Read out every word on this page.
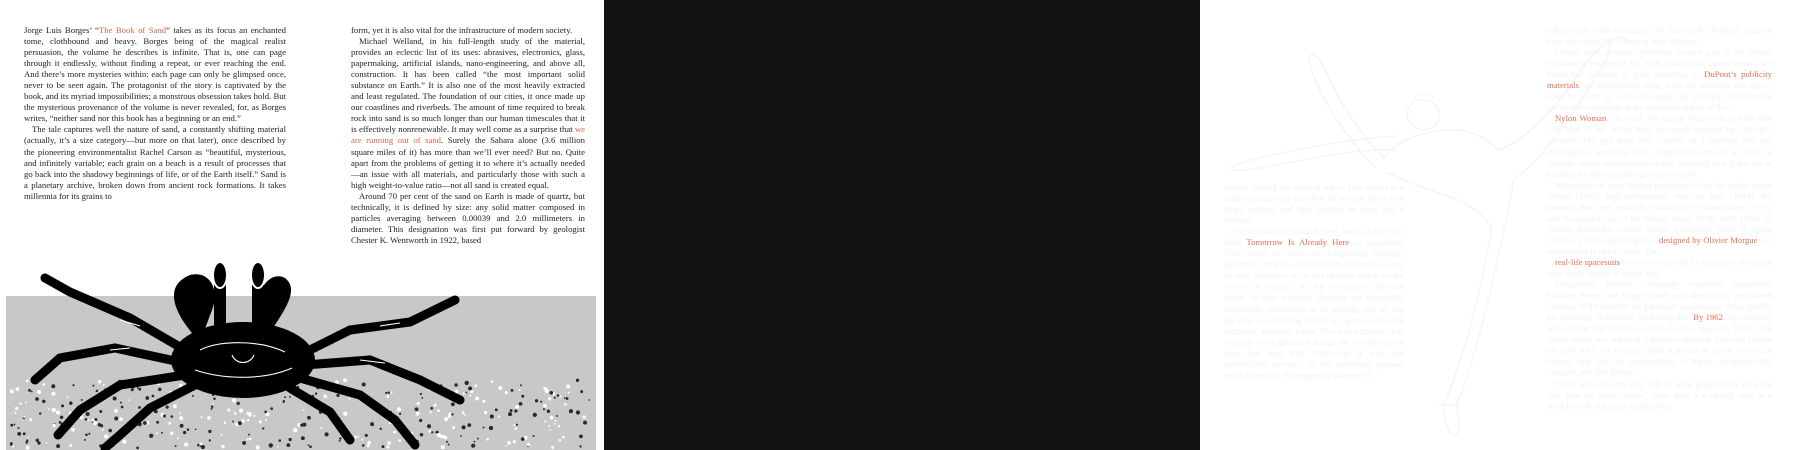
Jorge Luis Borges’ “The Book of Sand” takes as its focus an enchanted tome, clothbound and heavy. Borges being of the magical realist persuasion, the volume he describes is infinite. That is, one can page through it endlessly, without finding a repeat, or ever reaching the end. And there’s more mysteries within: each page can only be glimpsed once, never to be seen again. The protagonist of the story is captivated by the book, and its myriad impossibilities; a monstrous obsession takes hold. But the mysterious provenance of the volume is never revealed, for, as Borges writes, “neither sand nor this book has a beginning or an end.”

The tale captures well the nature of sand, a constantly shifting material (actually, it’s a size category—but more on that later), once described by the pioneering environmentalist Rachel Carson as “beautiful, mysterious, and infinitely variable; each grain on a beach is a result of processes that go back into the shadowy beginnings of life, or of the Earth itself.” Sand is a planetary archive, broken down from ancient rock formations. It takes millennia for its grains to

form, yet it is also vital for the infrastructure of modern society.

Michael Welland, in his full-length study of the material, provides an eclectic list of its uses: abrasives, electronics, glass, papermaking, artificial islands, nano-engineering, and above all, construction. It has been called “the most important solid substance on Earth.” It is also one of the most heavily extracted and least regulated. The foundation of our cities, it once made up our coastlines and riverbeds. The amount of time required to break rock into sand is so much longer than our human timescales that it is effectively nonrenewable. It may well come as a surprise that we are running out of sand. Surely the Sahara alone (3.6 million square miles of it) has more than we’ll ever need? But no. Quite apart from the problems of getting it to where it’s actually needed—an issue with all materials, and particularly those with such a high weight-to-value ratio—not all sand is created equal.

Around 70 per cent of the sand on Earth is made of quartz, but technically, it is defined by size: any solid matter composed in particles averaging between 0.00039 and 2.0 millimeters in diameter. This designation was first put forward by geologist Chester K. Wentworth in 1922, based

heated, driving out residual water. This results in a solid material that can then be broken down into chips, melted, and then molded or spun into a filament.

The Austrian journalist Robert Jungk, in his 1952 book Tomorrow Is Already Here—a pioneering 1952 study of America’s burgeoning military-industrial complex—described DuPont’s discovery of such processes as “a sort of mass attack on the secrets of nature.” In the company’s chemical plants, he saw scientists churning out patentable, marketable discoveries at an average rate of one per day: non-freezing motor oil, glow-in-the-dark materials, synthetic foods. This was futuristic stuff—Jungk even glimpsed a sign on one laboratory door that read A.D. 2000—but it was also immediately lucrative. In the immediate postwar years, helped by the temporary absence of

competition from Germany, the American chemical industry even out-earned the booming auto industry.

Longer term, synthetic polymers became part of the mental furniture of modernity. By 1958, when nylon turned twenty, the brand had become, at least according to DuPont’s publicity materials, an international slang term for whatever was up-to-date, for better or worse: in Egypt, for example, conservative social critics focused on the dangerous figure of the “

Nylon Woman.” In 1951, the Ealing Studio released the film The Man in the White Suit, obviously inspired by DuPont’s research. The plot stars Alec Guiness as a scientist who has developed a luminous fiber, completely immune to stain or damage: textile manufacturers rebel, worrying they’ll put out of business by indestructibly permanent cloth.

Manufacturers were finding myriad new uses for nylon: guitar strings (1941), high-performance race car tires (1954), the seatbelts that were belatedly introduced to automobiles (1959), and ski apparel, one of the fashion crazes of the early 1960s. In Stanley Kubrick’s science fiction spectacular 2001: A Space Odyssey (1968), the furniture—designed by Olivier Morgue—is upholstered in nylon fabric. The

real-life spacesuits worn in the Apollo 11 mission to the moon were made mostly of nylon, too.

Meanwhile, DuPont continually expanded production, building newer and bigger plants and developing specialized versions of the material for particular applications: extra sparkly for stockings, fluorescent for fishing line. By 1962, the company was making 600 million pounds of nylon annually. Today, that figure stands at a stunning 8 billion—meaning that each person on earth uses, on average, about a pound of nylon a year. Of course, that rate of consumption is highly geographically variable, and also indirect.

While sheer hosiery may still be what people think of when they hear the word “nylon,” these days it is mainly used in a solid form in industrial applications.
